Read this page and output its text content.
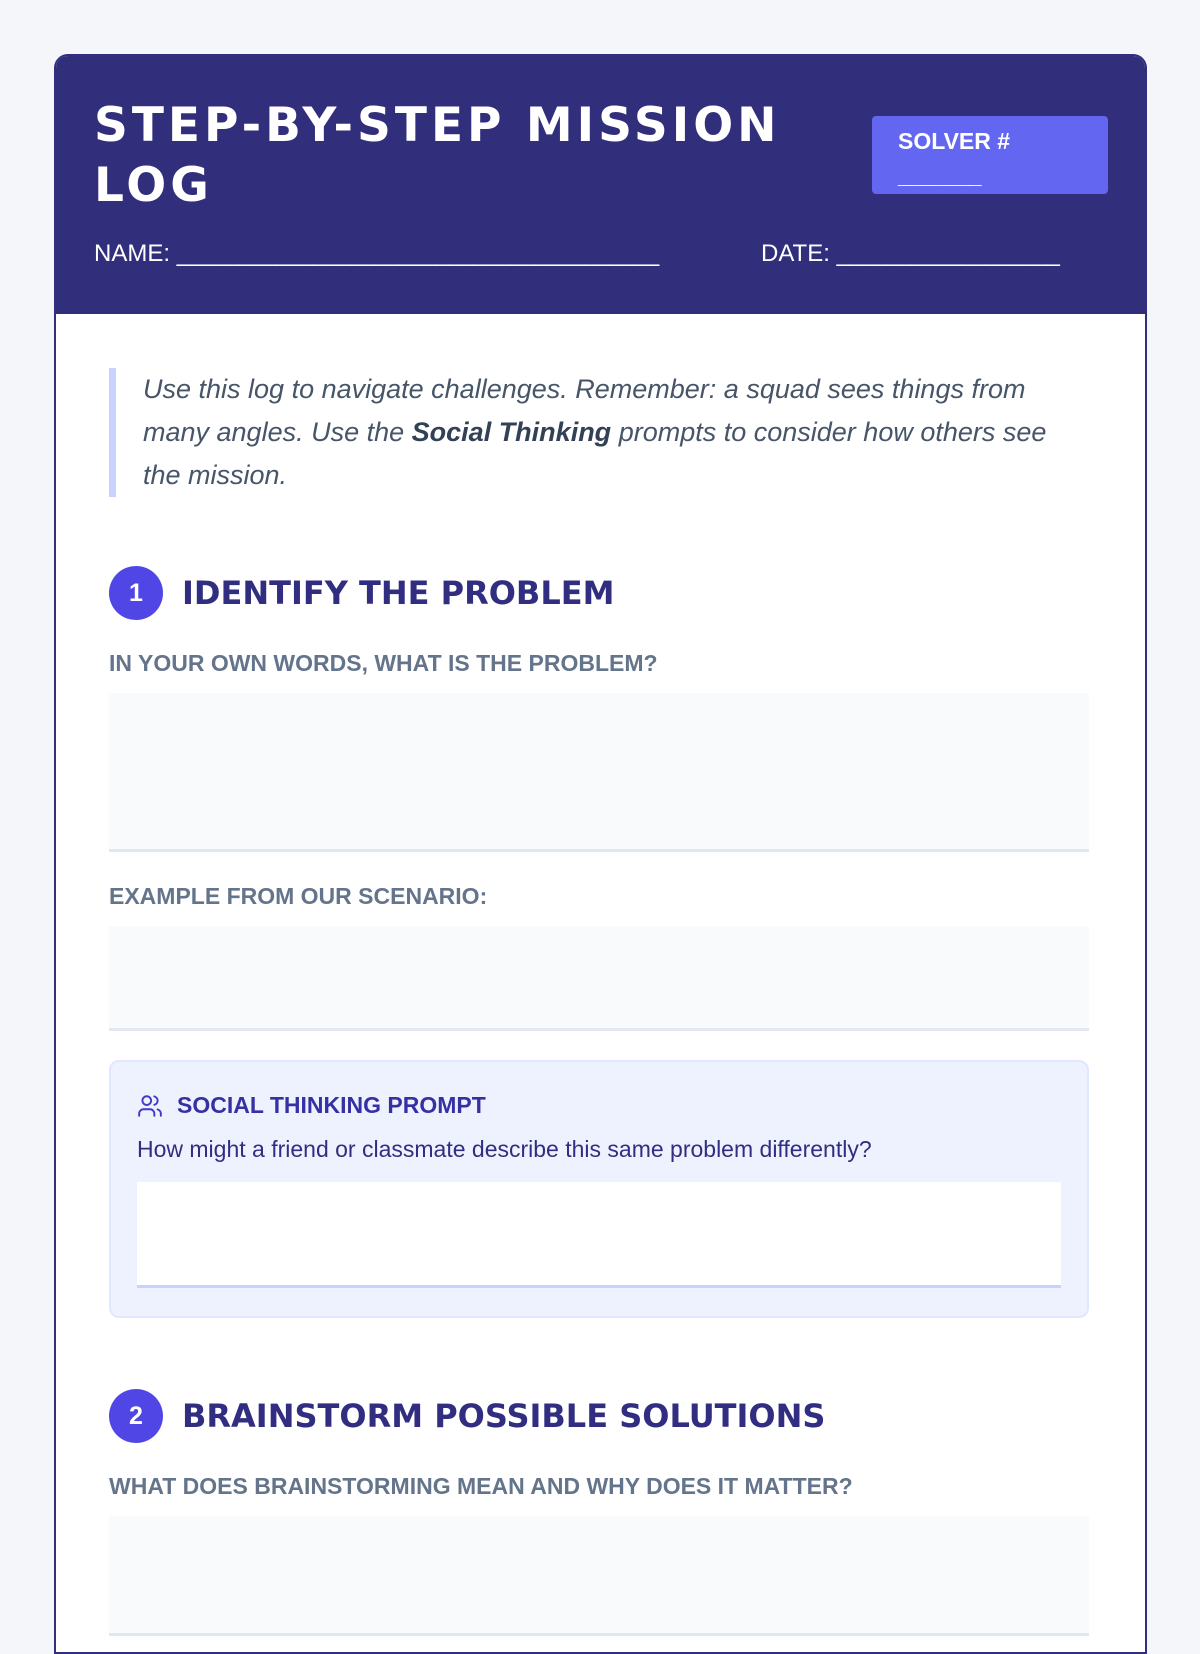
STEP-BY-STEP MISSION LOG
SOLVER #
_______
NAME: _______________________________________	DATE: __________________
Use this log to navigate challenges. Remember: a squad sees things from many angles. Use the Social Thinking prompts to consider how others see the mission.
1	IDENTIFY THE PROBLEM
IN YOUR OWN WORDS, WHAT IS THE PROBLEM?
EXAMPLE FROM OUR SCENARIO:
SOCIAL THINKING PROMPT
How might a friend or classmate describe this same problem differently?
2	BRAINSTORM POSSIBLE SOLUTIONS
WHAT DOES BRAINSTORMING MEAN AND WHY DOES IT MATTER?
